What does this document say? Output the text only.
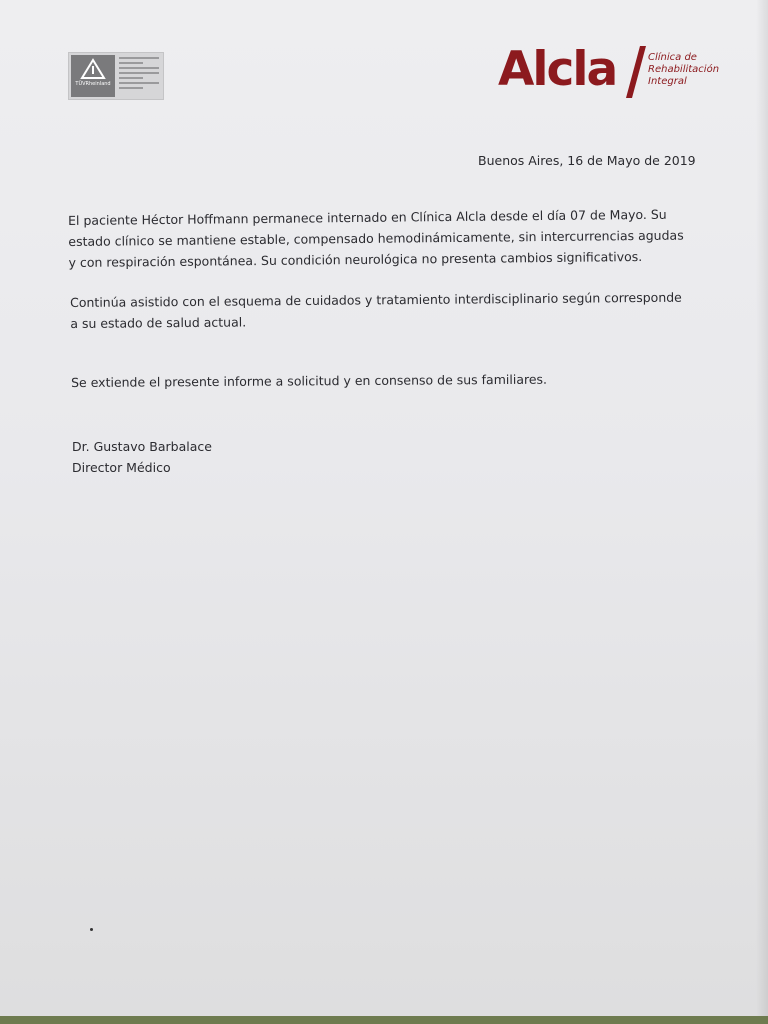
TÜVRheinland	Alcla	Clínica de
Rehabilitación
Integral

Buenos Aires, 16 de Mayo de 2019

El paciente Héctor Hoffmann permanece internado en Clínica Alcla desde el día 07 de Mayo. Su
estado clínico se mantiene estable, compensado hemodinámicamente, sin intercurrencias agudas
y con respiración espontánea. Su condición neurológica no presenta cambios significativos.

Continúa asistido con el esquema de cuidados y tratamiento interdisciplinario según corresponde
a su estado de salud actual.

Se extiende el presente informe a solicitud y en consenso de sus familiares.

Dr. Gustavo Barbalace
Director Médico
